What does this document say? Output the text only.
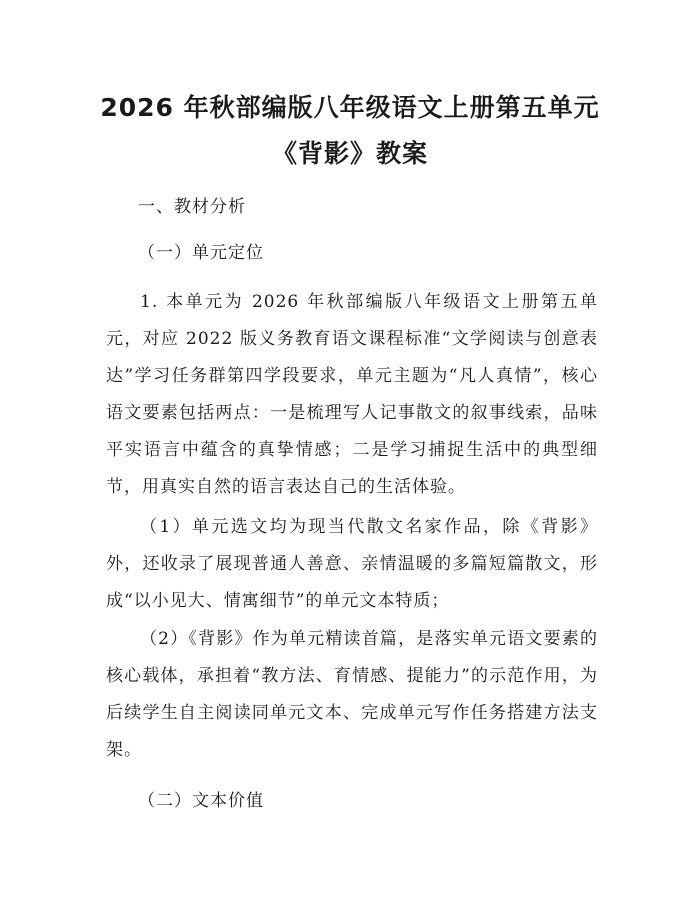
2026 年秋部编版八年级语文上册第五单元
《背影》教案
一、教材分析
（一）单元定位

1. 本单元为 2026 年秋部编版八年级语文上册第五单元，对应 2022 版义务教育语文课程标准“文学阅读与创意表达”学习任务群第四学段要求，单元主题为“凡人真情”，核心语文要素包括两点：一是梳理写人记事散文的叙事线索，品味平实语言中蕴含的真挚情感；二是学习捕捉生活中的典型细节，用真实自然的语言表达自己的生活体验。

（1）单元选文均为现当代散文名家作品，除《背影》外，还收录了展现普通人善意、亲情温暖的多篇短篇散文，形成“以小见大、情寓细节”的单元文本特质；

（2）《背影》作为单元精读首篇，是落实单元语文要素的核心载体，承担着“教方法、育情感、提能力”的示范作用，为后续学生自主阅读同单元文本、完成单元写作任务搭建方法支架。

（二）文本价值
